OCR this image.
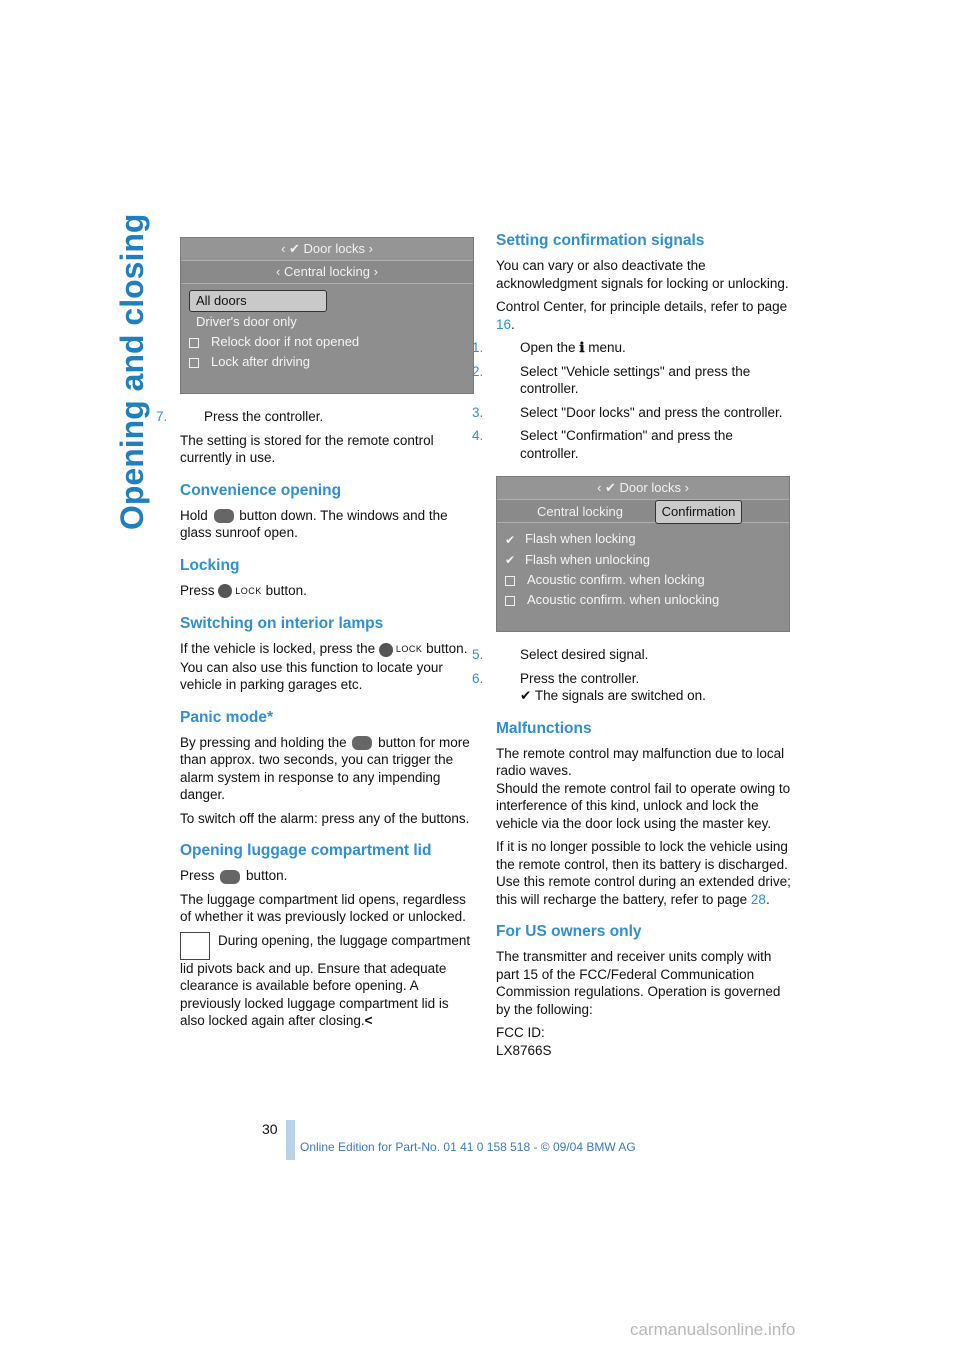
Opening and closing	‹ ✔ Door locks ›
‹ Central locking ›
All doors
Driver's door only
Relock door if not opened
Lock after driving

7.	Press the controller.

The setting is stored for the remote control currently in use.

Convenience opening

Hold button down. The windows and the glass sunroof open.

Locking

Press LOCK button.

Switching on interior lamps

If the vehicle is locked, press the LOCK button.
You can also use this function to locate your vehicle in parking garages etc.

Panic mode*

By pressing and holding the button for more than approx. two seconds, you can trigger the alarm system in response to any impending danger.

To switch off the alarm: press any of the buttons.

Opening luggage compartment lid

Press button.

The luggage compartment lid opens, regardless of whether it was previously locked or unlocked.

During opening, the luggage compartment lid pivots back and up. Ensure that adequate clearance is available before opening. A previously locked luggage compartment lid is also locked again after closing.<

Setting confirmation signals

You can vary or also deactivate the acknowledgment signals for locking or unlocking.

Control Center, for principle details, refer to page 16.

1.	Open the ℹ menu.

2.	Select "Vehicle settings" and press the controller.

3.	Select "Door locks" and press the controller.

4.	Select "Confirmation" and press the controller.

‹ ✔ Door locks ›
Central locking	Confirmation
✔ Flash when locking
✔ Flash when unlocking
Acoustic confirm. when locking
Acoustic confirm. when unlocking

5.	Select desired signal.

6.	Press the controller.
✔ The signals are switched on.

Malfunctions

The remote control may malfunction due to local radio waves.
Should the remote control fail to operate owing to interference of this kind, unlock and lock the vehicle via the door lock using the master key.

If it is no longer possible to lock the vehicle using the remote control, then its battery is discharged. Use this remote control during an extended drive; this will recharge the battery, refer to page 28.

For US owners only

The transmitter and receiver units comply with part 15 of the FCC/Federal Communication Commission regulations. Operation is governed by the following:

FCC ID:
LX8766S

30
Online Edition for Part-No. 01 41 0 158 518 - © 09/04 BMW AG
carmanualsonline.info
